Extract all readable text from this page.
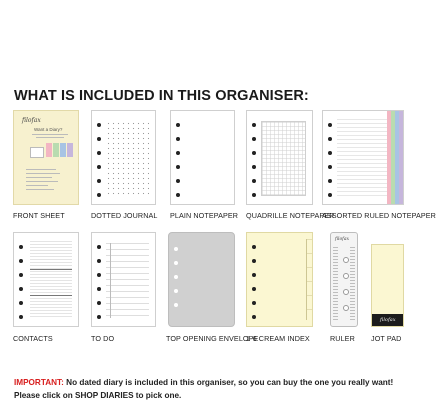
WHAT IS INCLUDED IN THIS ORGANISER:
filofax
Want a Diary?
FRONT SHEET	DOTTED JOURNAL PLAIN NOTEPAPER QUADRILLE NOTEPAPER
ASSORTED RULED NOTEPAPER
CONTACTS	TO DO	TOP OPENING ENVELOPE
1-6 CREAM INDEX
filofax
RULER
filofax
JOT PAD
IMPORTANT: No dated diary is included in this organiser, so you can buy the one you really want!
Please click on SHOP DIARIES to pick one.
